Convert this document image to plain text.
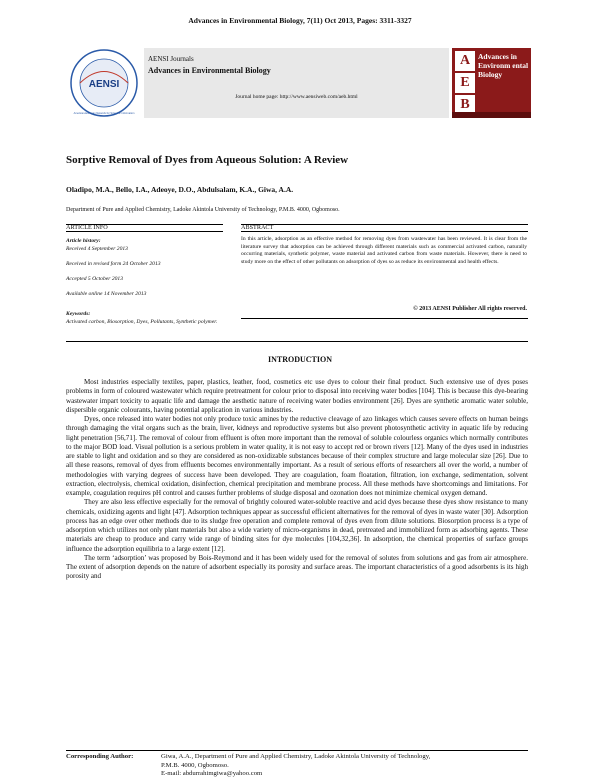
Advances in Environmental Biology, 7(11) Oct 2013, Pages: 3311-3327
AENSI
American-Eurasian Network for Scientific Information
AENSI Journals
Advances in Environmental Biology
Journal home page: http://www.aensiweb.com/aeb.html
A
E
B
Advances in Environm ental Biology
Sorptive Removal of Dyes from Aqueous Solution: A Review
Oladipo, M.A., Bello, I.A., Adeoye, D.O., Abdulsalam, K.A., Giwa, A.A.
Department of Pure and Applied Chemistry, Ladoke Akintola University of Technology, P.M.B. 4000, Ogbomoso.
ARTICLE INFO	ABSTRACT
Article history:
Received 4 September 2013
Received in revised form 24 October 2013
Accepted 5 October 2013
Available online 14 November 2013
Keywords:
Activated carbon, Biosorption, Dyes, Pollutants, Synthetic polymer.
In this article, adsorption as an effective method for removing dyes from wastewater has been reviewed. It is clear from the literature survey that adsorption can be achieved through different materials such as commercial activated carbon, naturally occurring materials, synthetic polymer, waste material and activated carbon from waste materials. However, there is need to study more on the effect of other pollutants on adsorption of dyes so as reduce its environmental and health effects.
© 2013 AENSI Publisher All rights reserved.
INTRODUCTION

Most industries especially textiles, paper, plastics, leather, food, cosmetics etc use dyes to colour their final product. Such extensive use of dyes poses problems in form of coloured wastewater which require pretreatment for colour prior to disposal into receiving water bodies [104]. This is because this dye-bearing wastewater impart toxicity to aquatic life and damage the aesthetic nature of receiving water bodies environment [26]. Dyes are synthetic aromatic water soluble, dispersible organic colourants, having potential application in various industries.

Dyes, once released into water bodies not only produce toxic amines by the reductive cleavage of azo linkages which causes severe effects on human beings through damaging the vital organs such as the brain, liver, kidneys and reproductive systems but also prevent photosynthetic activity in aquatic life by reducing light penetration [56,71]. The removal of colour from effluent is often more important than the removal of soluble colourless organics which normally contributes to the major BOD load. Visual pollution is a serious problem in water quality, it is not easy to accept red or brown rivers [12]. Many of the dyes used in industries are stable to light and oxidation and so they are considered as non-oxidizable substances because of their complex structure and large molecular size [26]. Due to all these reasons, removal of dyes from effluents becomes environmentally important. As a result of serious efforts of researchers all over the world, a number of methodologies with varying degrees of success have been developed. They are coagulation, foam floatation, filtration, ion exchange, sedimentation, solvent extraction, electrolysis, chemical oxidation, disinfection, chemical precipitation and membrane process. All these methods have shortcomings and limitations. For example, coagulation requires pH control and causes further problems of sludge disposal and ozonation does not minimize chemical oxygen demand.

They are also less effective especially for the removal of brightly coloured water-soluble reactive and acid dyes because these dyes show resistance to many chemicals, oxidizing agents and light [47]. Adsorption techniques appear as successful efficient alternatives for the removal of dyes in waste water [30]. Adsorption process has an edge over other methods due to its sludge free operation and complete removal of dyes even from dilute solutions. Biosorption process is a type of adsorption which utilizes not only plant materials but also a wide variety of micro-organisms in dead, pretreated and immobilized form as adsorbing agents. These materials are cheap to produce and carry wide range of binding sites for dye molecules [104,32,36]. In adsorption, the chemical properties of surface groups influence the adsorption equilibria to a large extent [12].

The term ‘adsorption’ was proposed by Bois-Reymond and it has been widely used for the removal of solutes from solutions and gas from air atmosphere. The extent of adsorption depends on the nature of adsorbent especially its porosity and surface areas. The important characteristics of a good adsorbents is its high porosity and

Corresponding Author:	Giwa, A.A., Department of Pure and Applied Chemistry, Ladoke Akintola University of Technology,
P.M.B. 4000, Ogbomoso.
E-mail: abdurrahimgiwa@yahoo.com
